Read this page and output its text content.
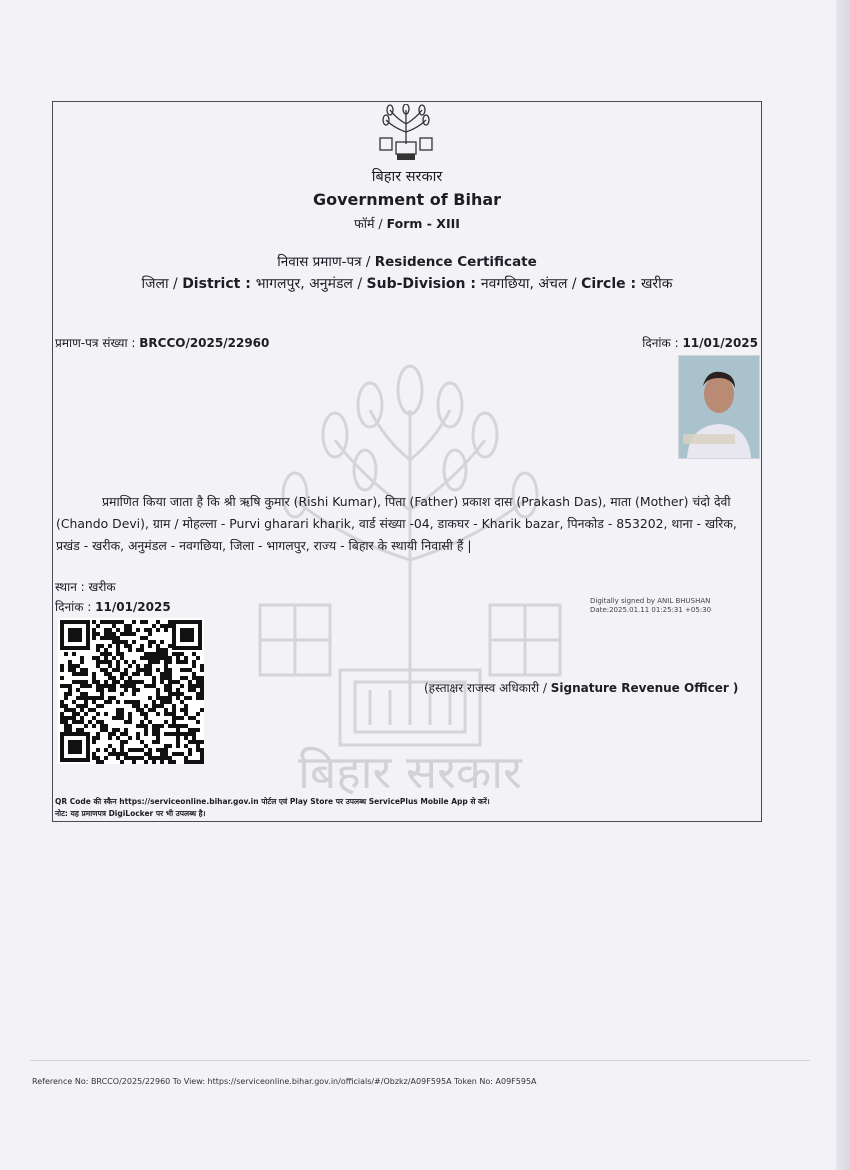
बिहार सरकार
बिहार सरकार
Government of Bihar
फॉर्म / Form - XIII
निवास प्रमाण-पत्र / Residence Certificate
जिला / District : भागलपुर, अनुमंडल / Sub-Division : नवगछिया, अंचल / Circle : खरीक
प्रमाण-पत्र संख्या : BRCCO/2025/22960	दिनांक : 11/01/2025
प्रमाणित किया जाता है कि श्री ऋषि कुमार (Rishi Kumar), पिता (Father) प्रकाश दास (Prakash Das), माता (Mother) चंदो देवी (Chando Devi), ग्राम / मोहल्ला - Purvi gharari kharik, वार्ड संख्या -04, डाकघर - Kharik bazar, पिनकोड - 853202, थाना - खरिक, प्रखंड - खरीक, अनुमंडल - नवगछिया, जिला - भागलपुर, राज्य - बिहार के स्थायी निवासी हैं |
स्थान : खरीक
दिनांक : 11/01/2025	Digitally signed by ANIL BHUSHAN
Date:2025.01.11 01:25:31 +05:30
(हस्ताक्षर राजस्व अधिकारी / Signature Revenue Officer )
QR Code की स्कैन https://serviceonline.bihar.gov.in पोर्टल एवं Play Store पर उपलब्ध ServicePlus Mobile App से करें।
नोट: यह प्रमाणपत्र DigiLocker पर भी उपलब्ध है।
Reference No: BRCCO/2025/22960 To View: https://serviceonline.bihar.gov.in/officials/#/Obzkz/A09F595A Token No: A09F595A
